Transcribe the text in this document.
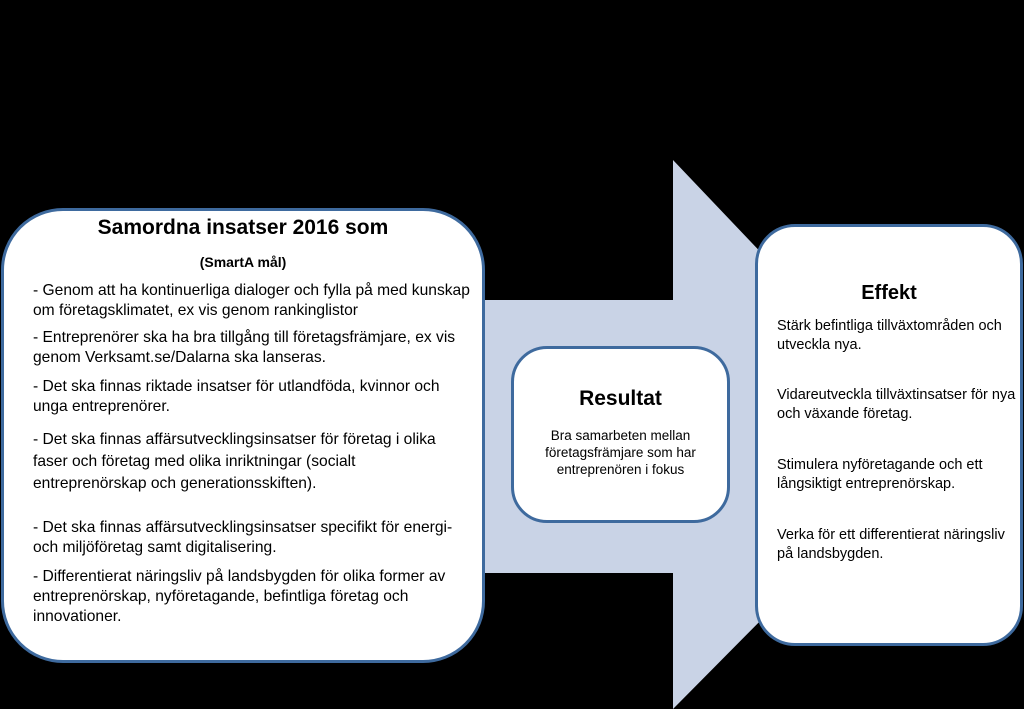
Samordna insatser 2016 som
(SmartA mål)
- Genom att ha kontinuerliga dialoger och fylla på med kunskap om företagsklimatet, ex vis genom rankinglistor
- Entreprenörer ska ha bra tillgång till företagsfrämjare, ex vis genom Verksamt.se/Dalarna ska lanseras.
- Det ska finnas riktade insatser för utlandföda, kvinnor och unga entreprenörer.
- Det ska finnas affärsutvecklingsinsatser för företag i olika faser och företag med olika inriktningar (socialt entreprenörskap och generationsskiften).
- Det ska finnas affärsutvecklingsinsatser specifikt för energi-och miljöföretag samt digitalisering.
- Differentierat näringsliv på landsbygden för olika former av entreprenörskap, nyföretagande, befintliga företag och innovationer.
Resultat
Bra samarbeten mellan företagsfrämjare som har entreprenören i fokus
Effekt
Stärk befintliga tillväxtområden och utveckla nya.
Vidareutveckla tillväxtinsatser för nya och växande företag.
Stimulera nyföretagande och ett långsiktigt entreprenörskap.
Verka för ett differentierat näringsliv på landsbygden.
